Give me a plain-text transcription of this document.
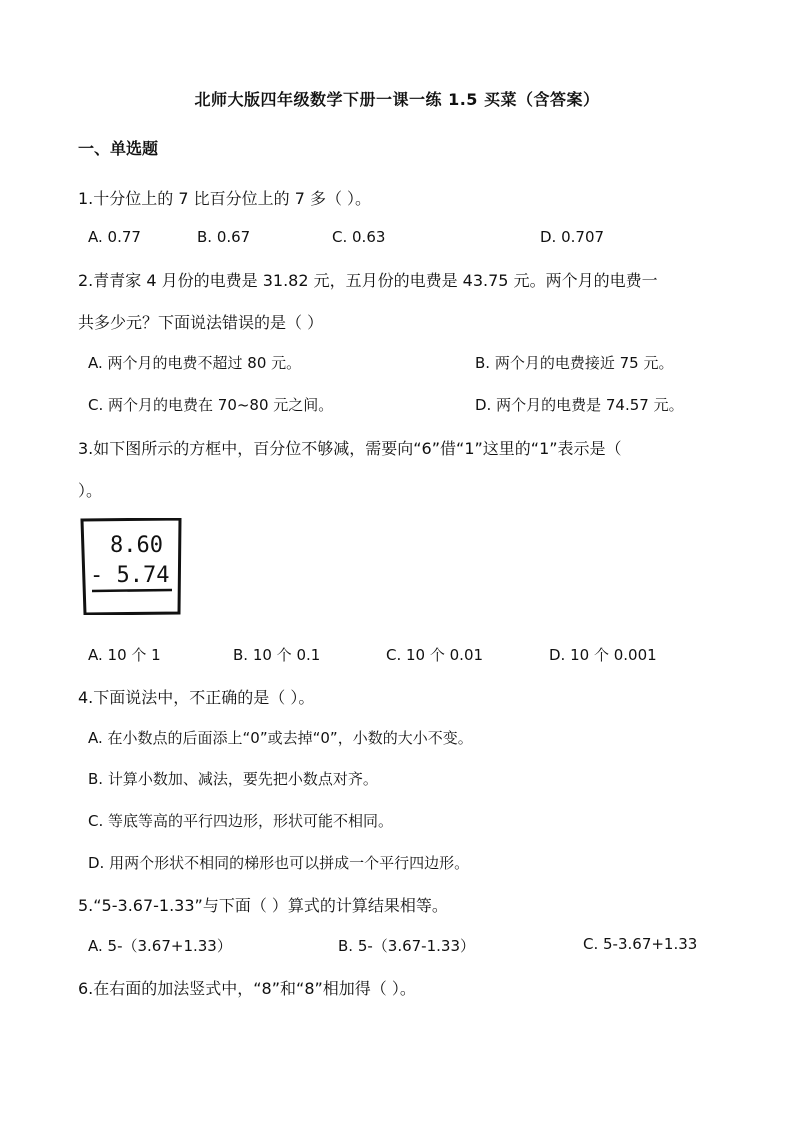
北师大版四年级数学下册一课一练 1.5 买菜（含答案）
一、单选题
1.十分位上的 7 比百分位上的 7 多（ ）。
A. 0.77	B. 0.67	C. 0.63	D. 0.707
2.青青家 4 月份的电费是 31.82 元，五月份的电费是 43.75 元。两个月的电费一
共多少元？下面说法错误的是（ ）
A. 两个月的电费不超过 80 元。	B. 两个月的电费接近 75 元。
C. 两个月的电费在 70~80 元之间。	D. 两个月的电费是 74.57 元。
3.如下图所示的方框中，百分位不够减，需要向“6”借“1”这里的“1”表示是（
）。
8.60
- 5.74
A. 10 个 1	B. 10 个 0.1	C. 10 个 0.01	D. 10 个 0.001
4.下面说法中，不正确的是（ ）。
A. 在小数点的后面添上“0”或去掉“0”，小数的大小不变。
B. 计算小数加、减法，要先把小数点对齐。
C. 等底等高的平行四边形，形状可能不相同。
D. 用两个形状不相同的梯形也可以拼成一个平行四边形。
5.“5-3.67-1.33”与下面（ ）算式的计算结果相等。
A. 5-（3.67+1.33）	B. 5-（3.67-1.33）	C. 5-3.67+1.33
6.在右面的加法竖式中，“8”和“8”相加得（ ）。
